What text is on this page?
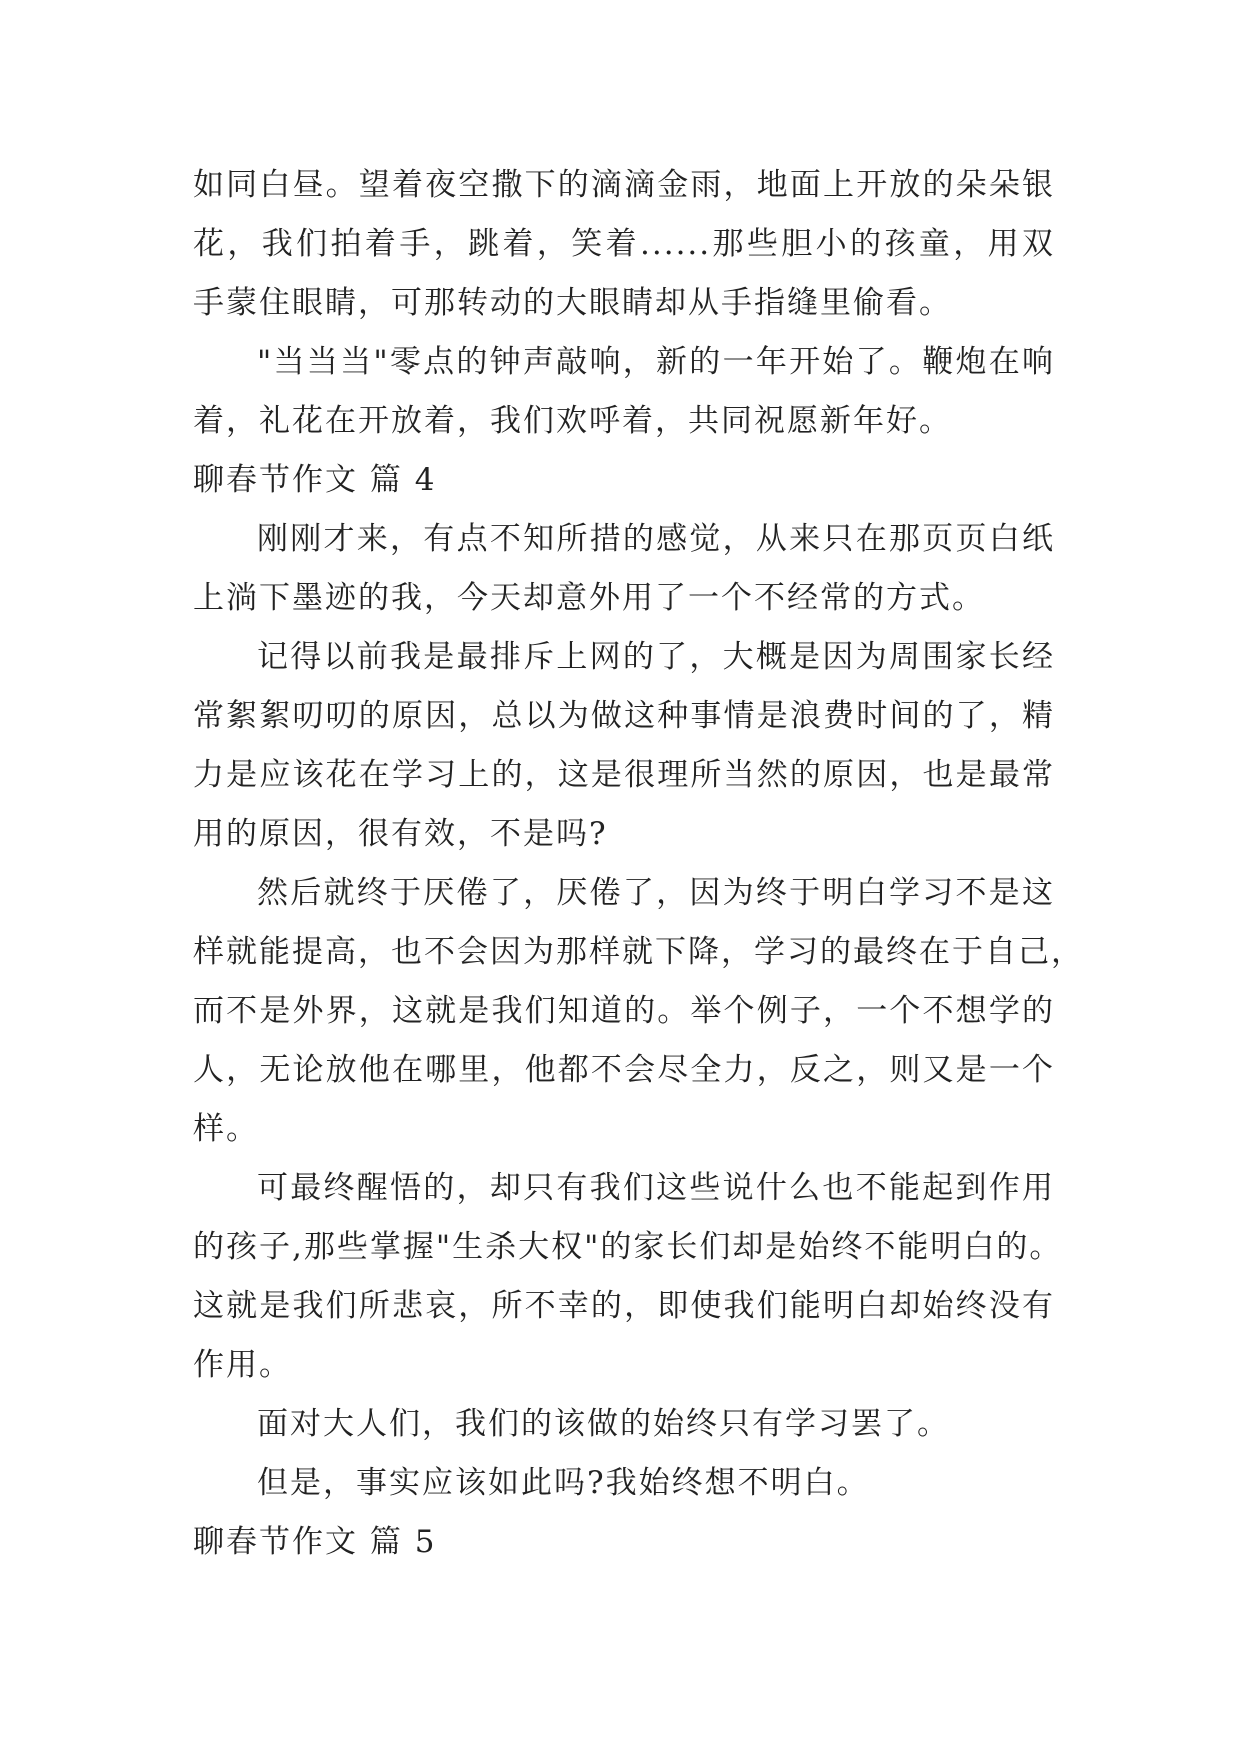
如同白昼。望着夜空撒下的滴滴金雨，地面上开放的朵朵银
花，我们拍着手，跳着，笑着......那些胆小的孩童，用双
手蒙住眼睛，可那转动的大眼睛却从手指缝里偷看。
"当当当"零点的钟声敲响，新的一年开始了。鞭炮在响
着，礼花在开放着，我们欢呼着，共同祝愿新年好。
聊春节作文 篇 4
刚刚才来，有点不知所措的感觉，从来只在那页页白纸
上淌下墨迹的我，今天却意外用了一个不经常的方式。
记得以前我是最排斥上网的了，大概是因为周围家长经
常絮絮叨叨的原因，总以为做这种事情是浪费时间的了，精
力是应该花在学习上的，这是很理所当然的原因，也是最常
用的原因，很有效，不是吗?
然后就终于厌倦了，厌倦了，因为终于明白学习不是这
样就能提高，也不会因为那样就下降，学习的最终在于自己，
而不是外界，这就是我们知道的。举个例子，一个不想学的
人，无论放他在哪里，他都不会尽全力，反之，则又是一个
样。
可最终醒悟的，却只有我们这些说什么也不能起到作用
的孩子,那些掌握"生杀大权"的家长们却是始终不能明白的。
这就是我们所悲哀，所不幸的，即使我们能明白却始终没有
作用。
面对大人们，我们的该做的始终只有学习罢了。
但是，事实应该如此吗?我始终想不明白。
聊春节作文 篇 5
